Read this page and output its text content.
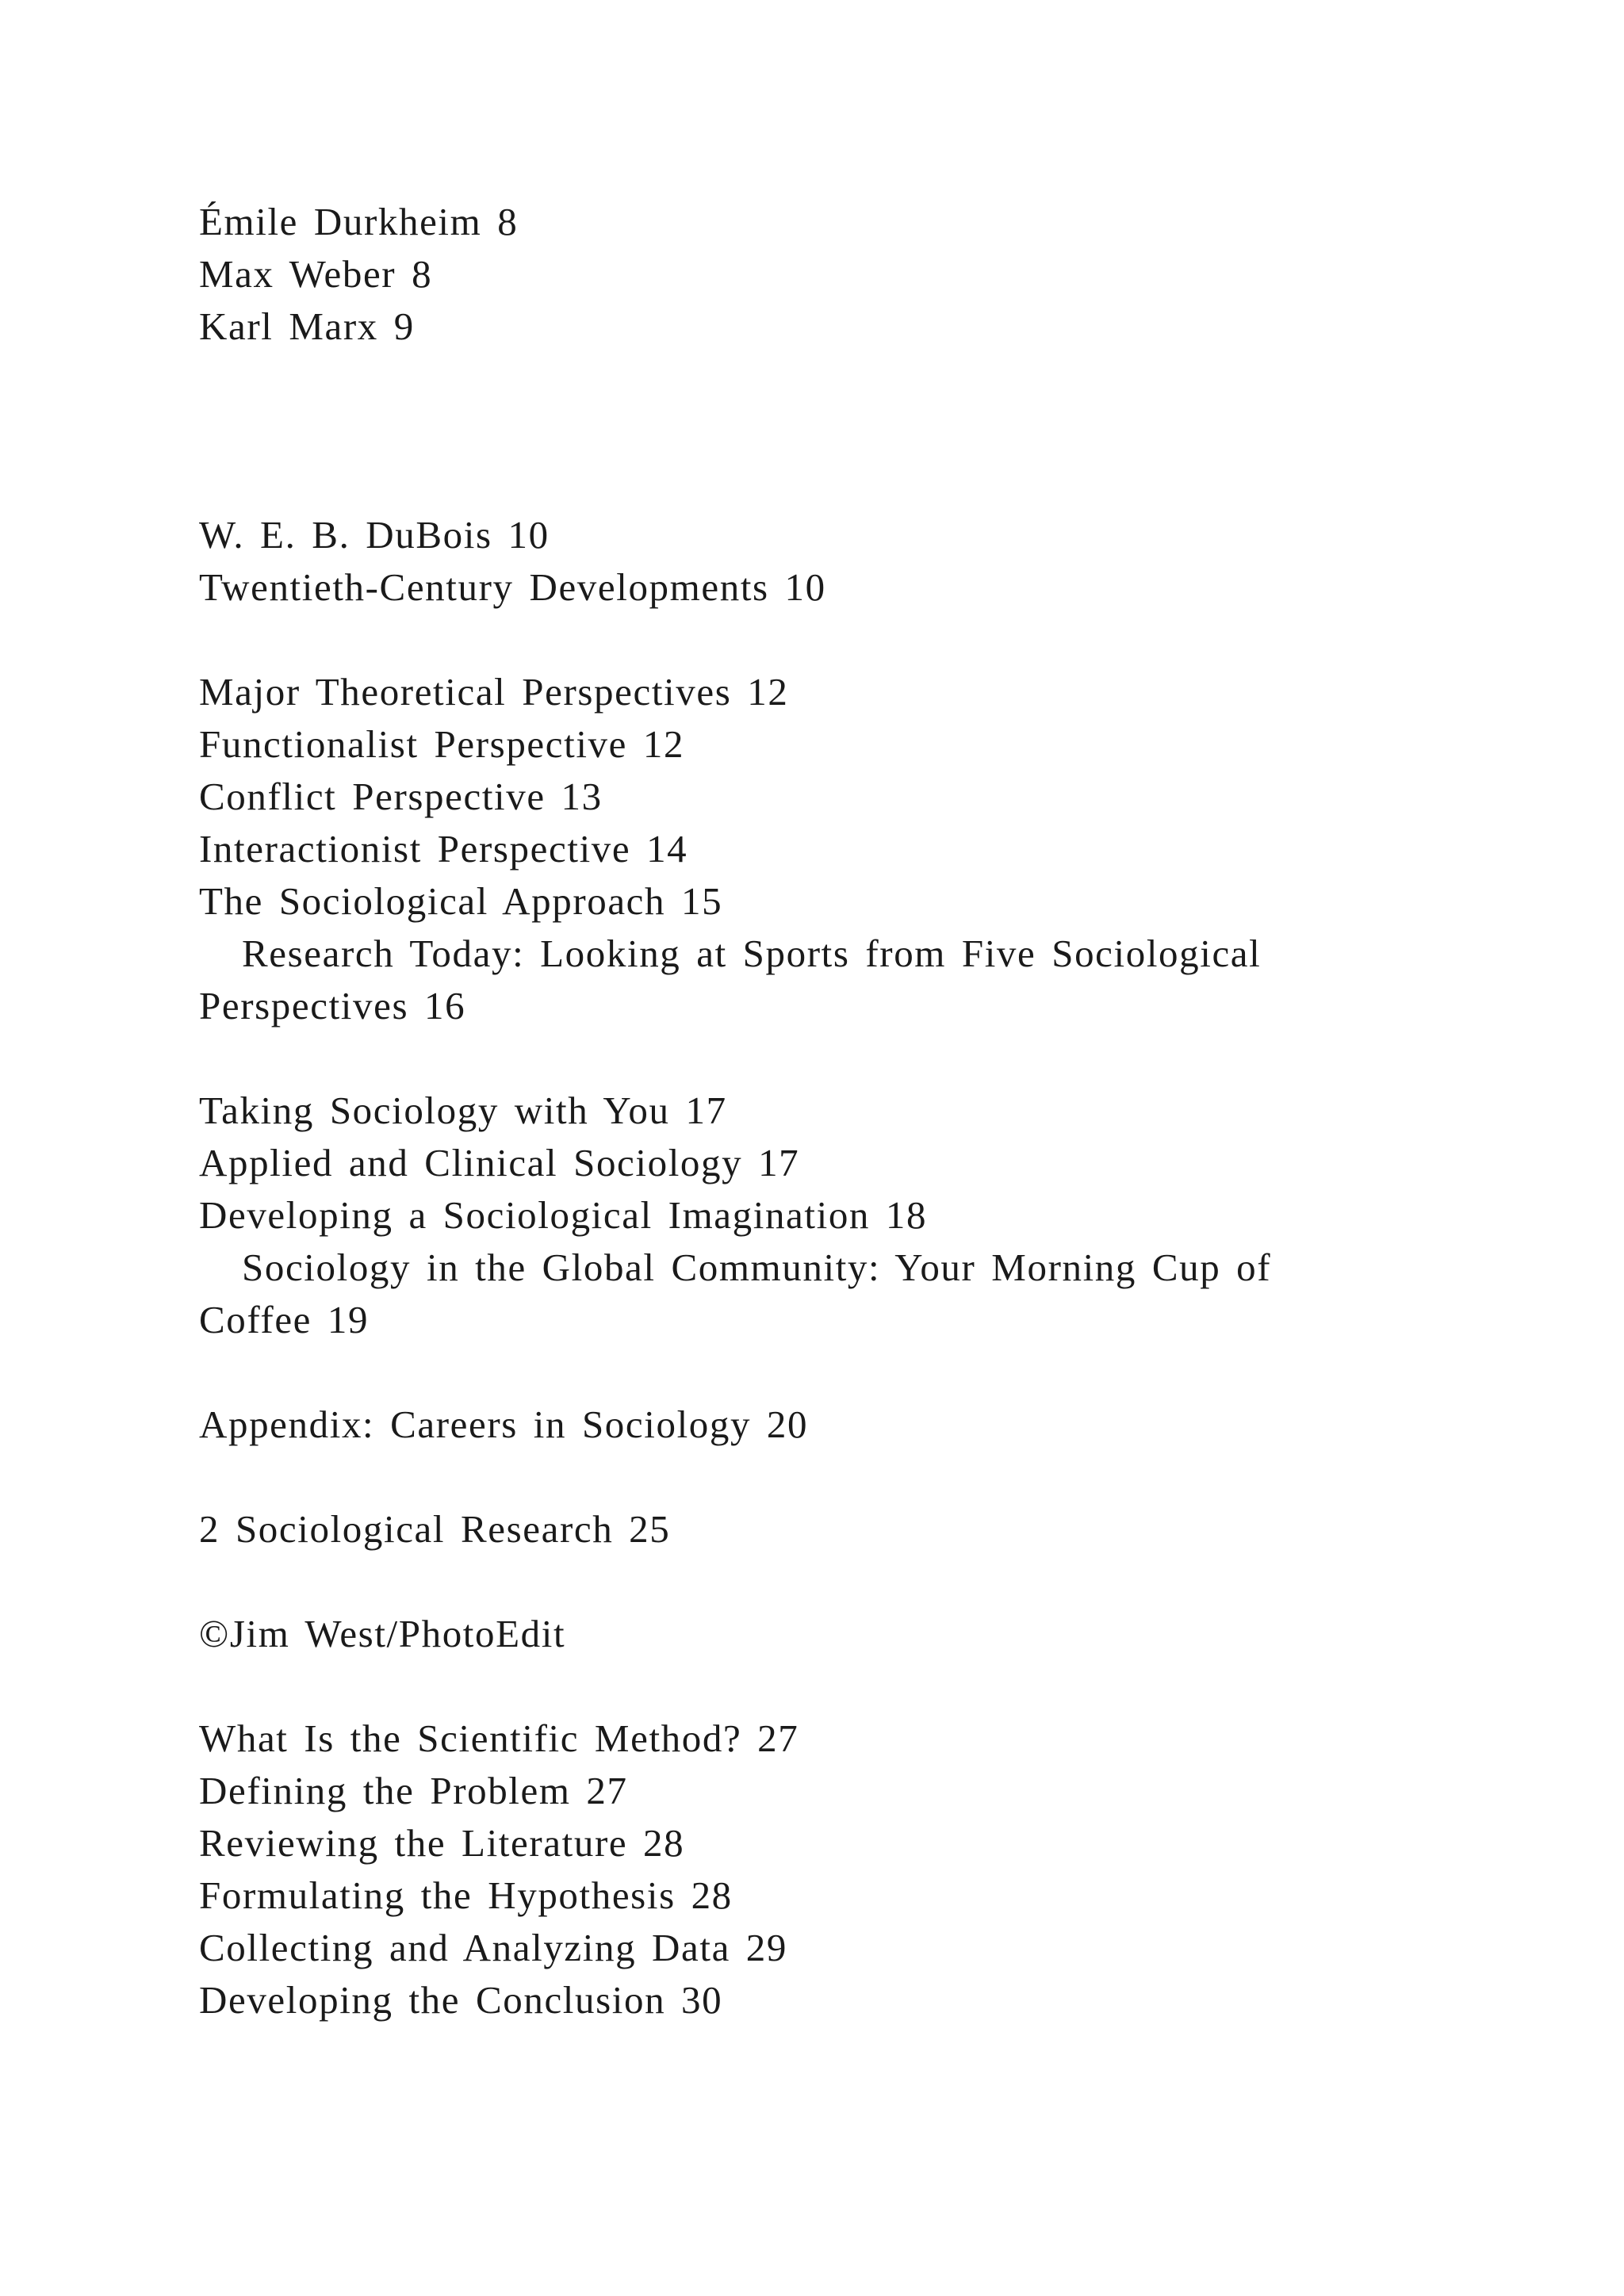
Émile Durkheim 8
Max Weber 8
Karl Marx 9
W. E. B. DuBois 10
Twentieth-Century Developments 10
Major Theoretical Perspectives 12
Functionalist Perspective 12
Conflict Perspective 13
Interactionist Perspective 14
The Sociological Approach 15
Research Today: Looking at Sports from Five Sociological
Perspectives 16
Taking Sociology with You 17
Applied and Clinical Sociology 17
Developing a Sociological Imagination 18
Sociology in the Global Community: Your Morning Cup of
Coffee 19
Appendix: Careers in Sociology 20
2 Sociological Research 25
©Jim West/PhotoEdit
What Is the Scientific Method? 27
Defining the Problem 27
Reviewing the Literature 28
Formulating the Hypothesis 28
Collecting and Analyzing Data 29
Developing the Conclusion 30
